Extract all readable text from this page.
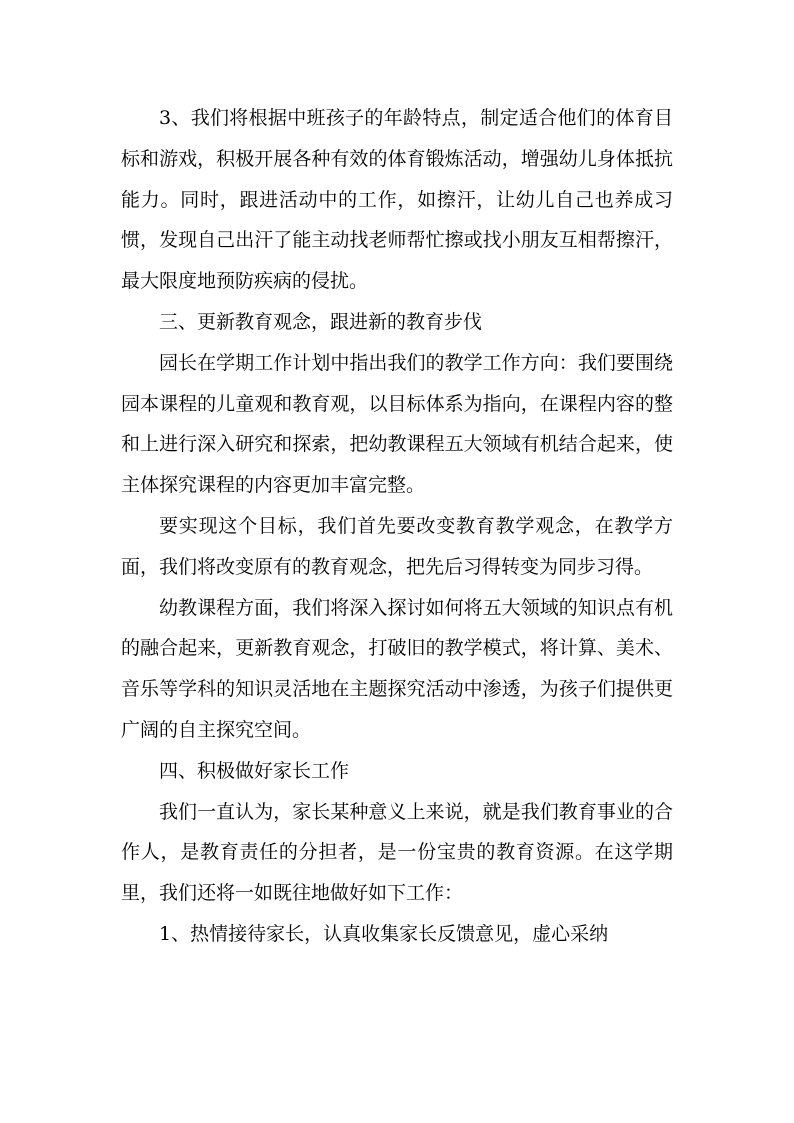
3、我们将根据中班孩子的年龄特点，制定适合他们的体育目标和游戏，积极开展各种有效的体育锻炼活动，增强幼儿身体抵抗能力。同时，跟进活动中的工作，如擦汗，让幼儿自己也养成习惯，发现自己出汗了能主动找老师帮忙擦或找小朋友互相帮擦汗，最大限度地预防疾病的侵扰。

三、更新教育观念，跟进新的教育步伐

园长在学期工作计划中指出我们的教学工作方向：我们要围绕园本课程的儿童观和教育观，以目标体系为指向，在课程内容的整和上进行深入研究和探索，把幼教课程五大领域有机结合起来，使主体探究课程的内容更加丰富完整。

要实现这个目标，我们首先要改变教育教学观念，在教学方面，我们将改变原有的教育观念，把先后习得转变为同步习得。

幼教课程方面，我们将深入探讨如何将五大领域的知识点有机的融合起来，更新教育观念，打破旧的教学模式，将计算、美术、音乐等学科的知识灵活地在主题探究活动中渗透，为孩子们提供更广阔的自主探究空间。

四、积极做好家长工作

我们一直认为，家长某种意义上来说，就是我们教育事业的合作人，是教育责任的分担者，是一份宝贵的教育资源。在这学期里，我们还将一如既往地做好如下工作：

1、热情接待家长，认真收集家长反馈意见，虚心采纳
